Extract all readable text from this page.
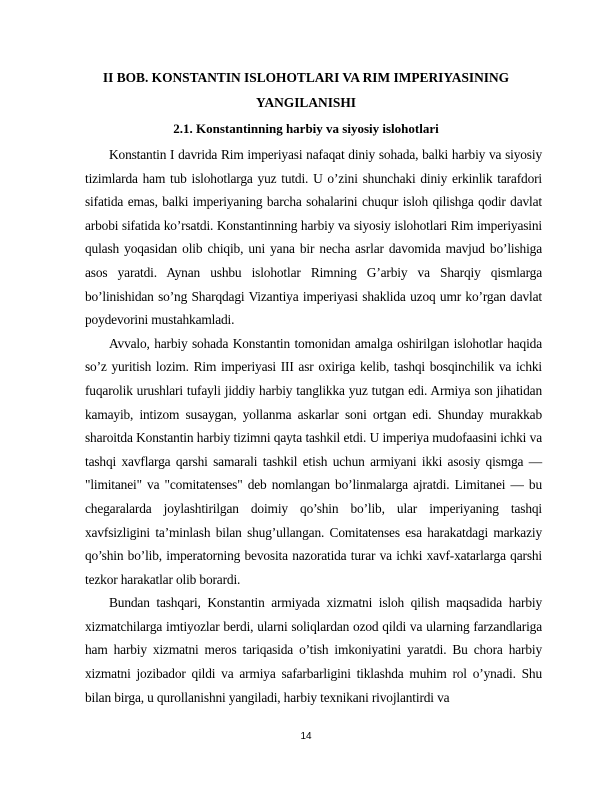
II BOB. KONSTANTIN ISLOHOTLARI VA RIM IMPERIYASINING YANGILANISHI
2.1. Konstantinning harbiy va siyosiy islohotlari

Konstantin I davrida Rim imperiyasi nafaqat diniy sohada, balki harbiy va siyosiy tizimlarda ham tub islohotlarga yuz tutdi. U o’zini shunchaki diniy erkinlik tarafdori sifatida emas, balki imperiyaning barcha sohalarini chuqur isloh qilishga qodir davlat arbobi sifatida ko’rsatdi. Konstantinning harbiy va siyosiy islohotlari Rim imperiyasini qulash yoqasidan olib chiqib, uni yana bir necha asrlar davomida mavjud bo’lishiga asos yaratdi. Aynan ushbu islohotlar Rimning G’arbiy va Sharqiy qismlarga bo’linishidan so’ng Sharqdagi Vizantiya imperiyasi shaklida uzoq umr ko’rgan davlat poydevorini mustahkamladi.

Avvalo, harbiy sohada Konstantin tomonidan amalga oshirilgan islohotlar haqida so’z yuritish lozim. Rim imperiyasi III asr oxiriga kelib, tashqi bosqinchilik va ichki fuqarolik urushlari tufayli jiddiy harbiy tanglikka yuz tutgan edi. Armiya son jihatidan kamayib, intizom susaygan, yollanma askarlar soni ortgan edi. Shunday murakkab sharoitda Konstantin harbiy tizimni qayta tashkil etdi. U imperiya mudofaasini ichki va tashqi xavflarga qarshi samarali tashkil etish uchun armiyani ikki asosiy qismga — "limitanei" va "comitatenses" deb nomlangan bo’linmalarga ajratdi. Limitanei — bu chegaralarda joylashtirilgan doimiy qo’shin bo’lib, ular imperiyaning tashqi xavfsizligini ta’minlash bilan shug’ullangan. Comitatenses esa harakatdagi markaziy qo’shin bo’lib, imperatorning bevosita nazoratida turar va ichki xavf-xatarlarga qarshi tezkor harakatlar olib borardi.

Bundan tashqari, Konstantin armiyada xizmatni isloh qilish maqsadida harbiy xizmatchilarga imtiyozlar berdi, ularni soliqlardan ozod qildi va ularning farzandlariga ham harbiy xizmatni meros tariqasida o’tish imkoniyatini yaratdi. Bu chora harbiy xizmatni jozibador qildi va armiya safarbarligini tiklashda muhim rol o’ynadi. Shu bilan birga, u qurollanishni yangiladi, harbiy texnikani rivojlantirdi va

14
